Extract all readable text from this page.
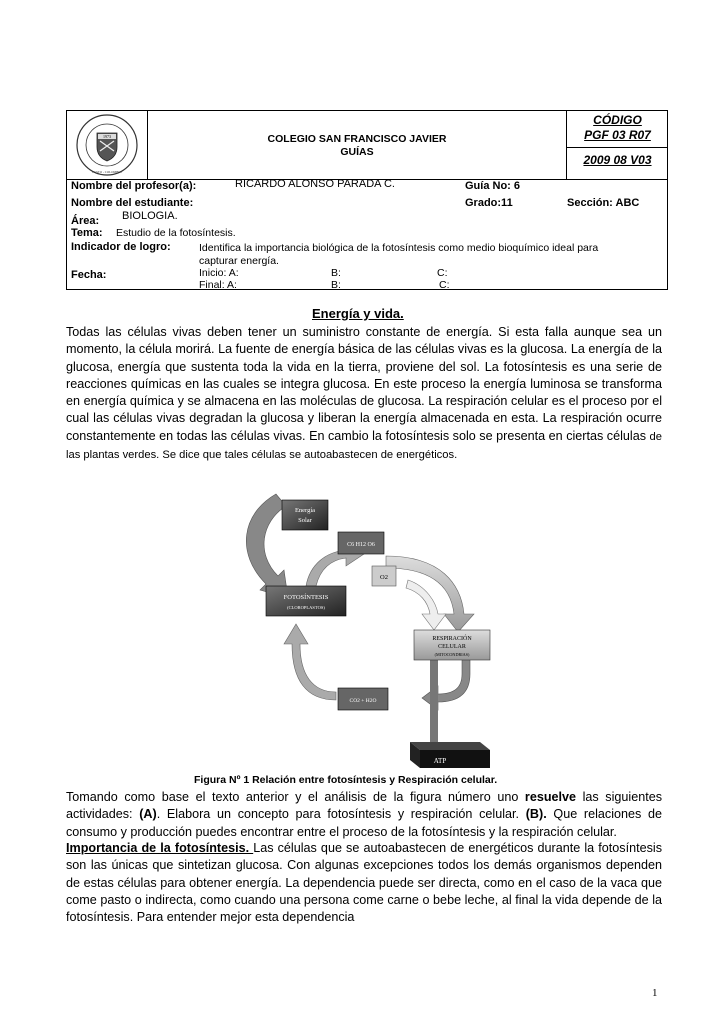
1973
PASTO - COLOMBIA
COLEGIO SAN FRANCISCO JAVIER
GUÍAS
CÓDIGO
PGF 03 R07
2009 08 V03
Nombre del profesor(a):	RICARDO ALONSO PARADA C.	Guía No: 6
Nombre del estudiante:	Grado:11	Sección: ABC
Área: BIOLOGIA.
Tema: Estudio de la fotosíntesis.
Indicador de logro:	Identifica la importancia biológica de la fotosíntesis como medio bioquímico ideal para
capturar energía.
Fecha:	Inicio: A:	B:	C:
Final: A:	B:	C:
Energía y vida.

Todas las células vivas deben tener un suministro constante de energía. Si esta falla aunque sea un momento, la célula morirá. La fuente de energía básica de las células vivas es la glucosa. La energía de la glucosa, energía que sustenta toda la vida en la tierra, proviene del sol. La fotosíntesis es una serie de reacciones químicas en las cuales se integra glucosa. En este proceso la energía luminosa se transforma en energía química y se almacena en las moléculas de glucosa. La respiración celular es el proceso por el cual las células vivas degradan la glucosa y liberan la energía almacenada en esta. La respiración ocurre constantemente en todas las células vivas. En cambio la fotosíntesis solo se presenta en ciertas células de las plantas verdes. Se dice que tales células se autoabastecen de energéticos.

Energía
Solar
C6 H12 O6
O2
FOTOSÍNTESIS
(CLOROPLASTOS)
RESPIRACIÓN
CELULAR
(MITOCONDRIAS)
CO2 + H2O
ATP
Figura Nº 1 Relación entre fotosíntesis y Respiración celular.

Tomando como base el texto anterior y el análisis de la figura número uno resuelve las siguientes actividades: (A). Elabora un concepto para fotosíntesis y respiración celular. (B). Que relaciones de consumo y producción puedes encontrar entre el proceso de la fotosíntesis y la respiración celular.

Importancia de la fotosíntesis. Las células que se autoabastecen de energéticos durante la fotosíntesis son las únicas que sintetizan glucosa. Con algunas excepciones todos los demás organismos dependen de estas células para obtener energía. La dependencia puede ser directa, como en el caso de la vaca que come pasto o indirecta, como cuando una persona come carne o bebe leche, al final la vida depende de la fotosíntesis. Para entender mejor esta dependencia

1
